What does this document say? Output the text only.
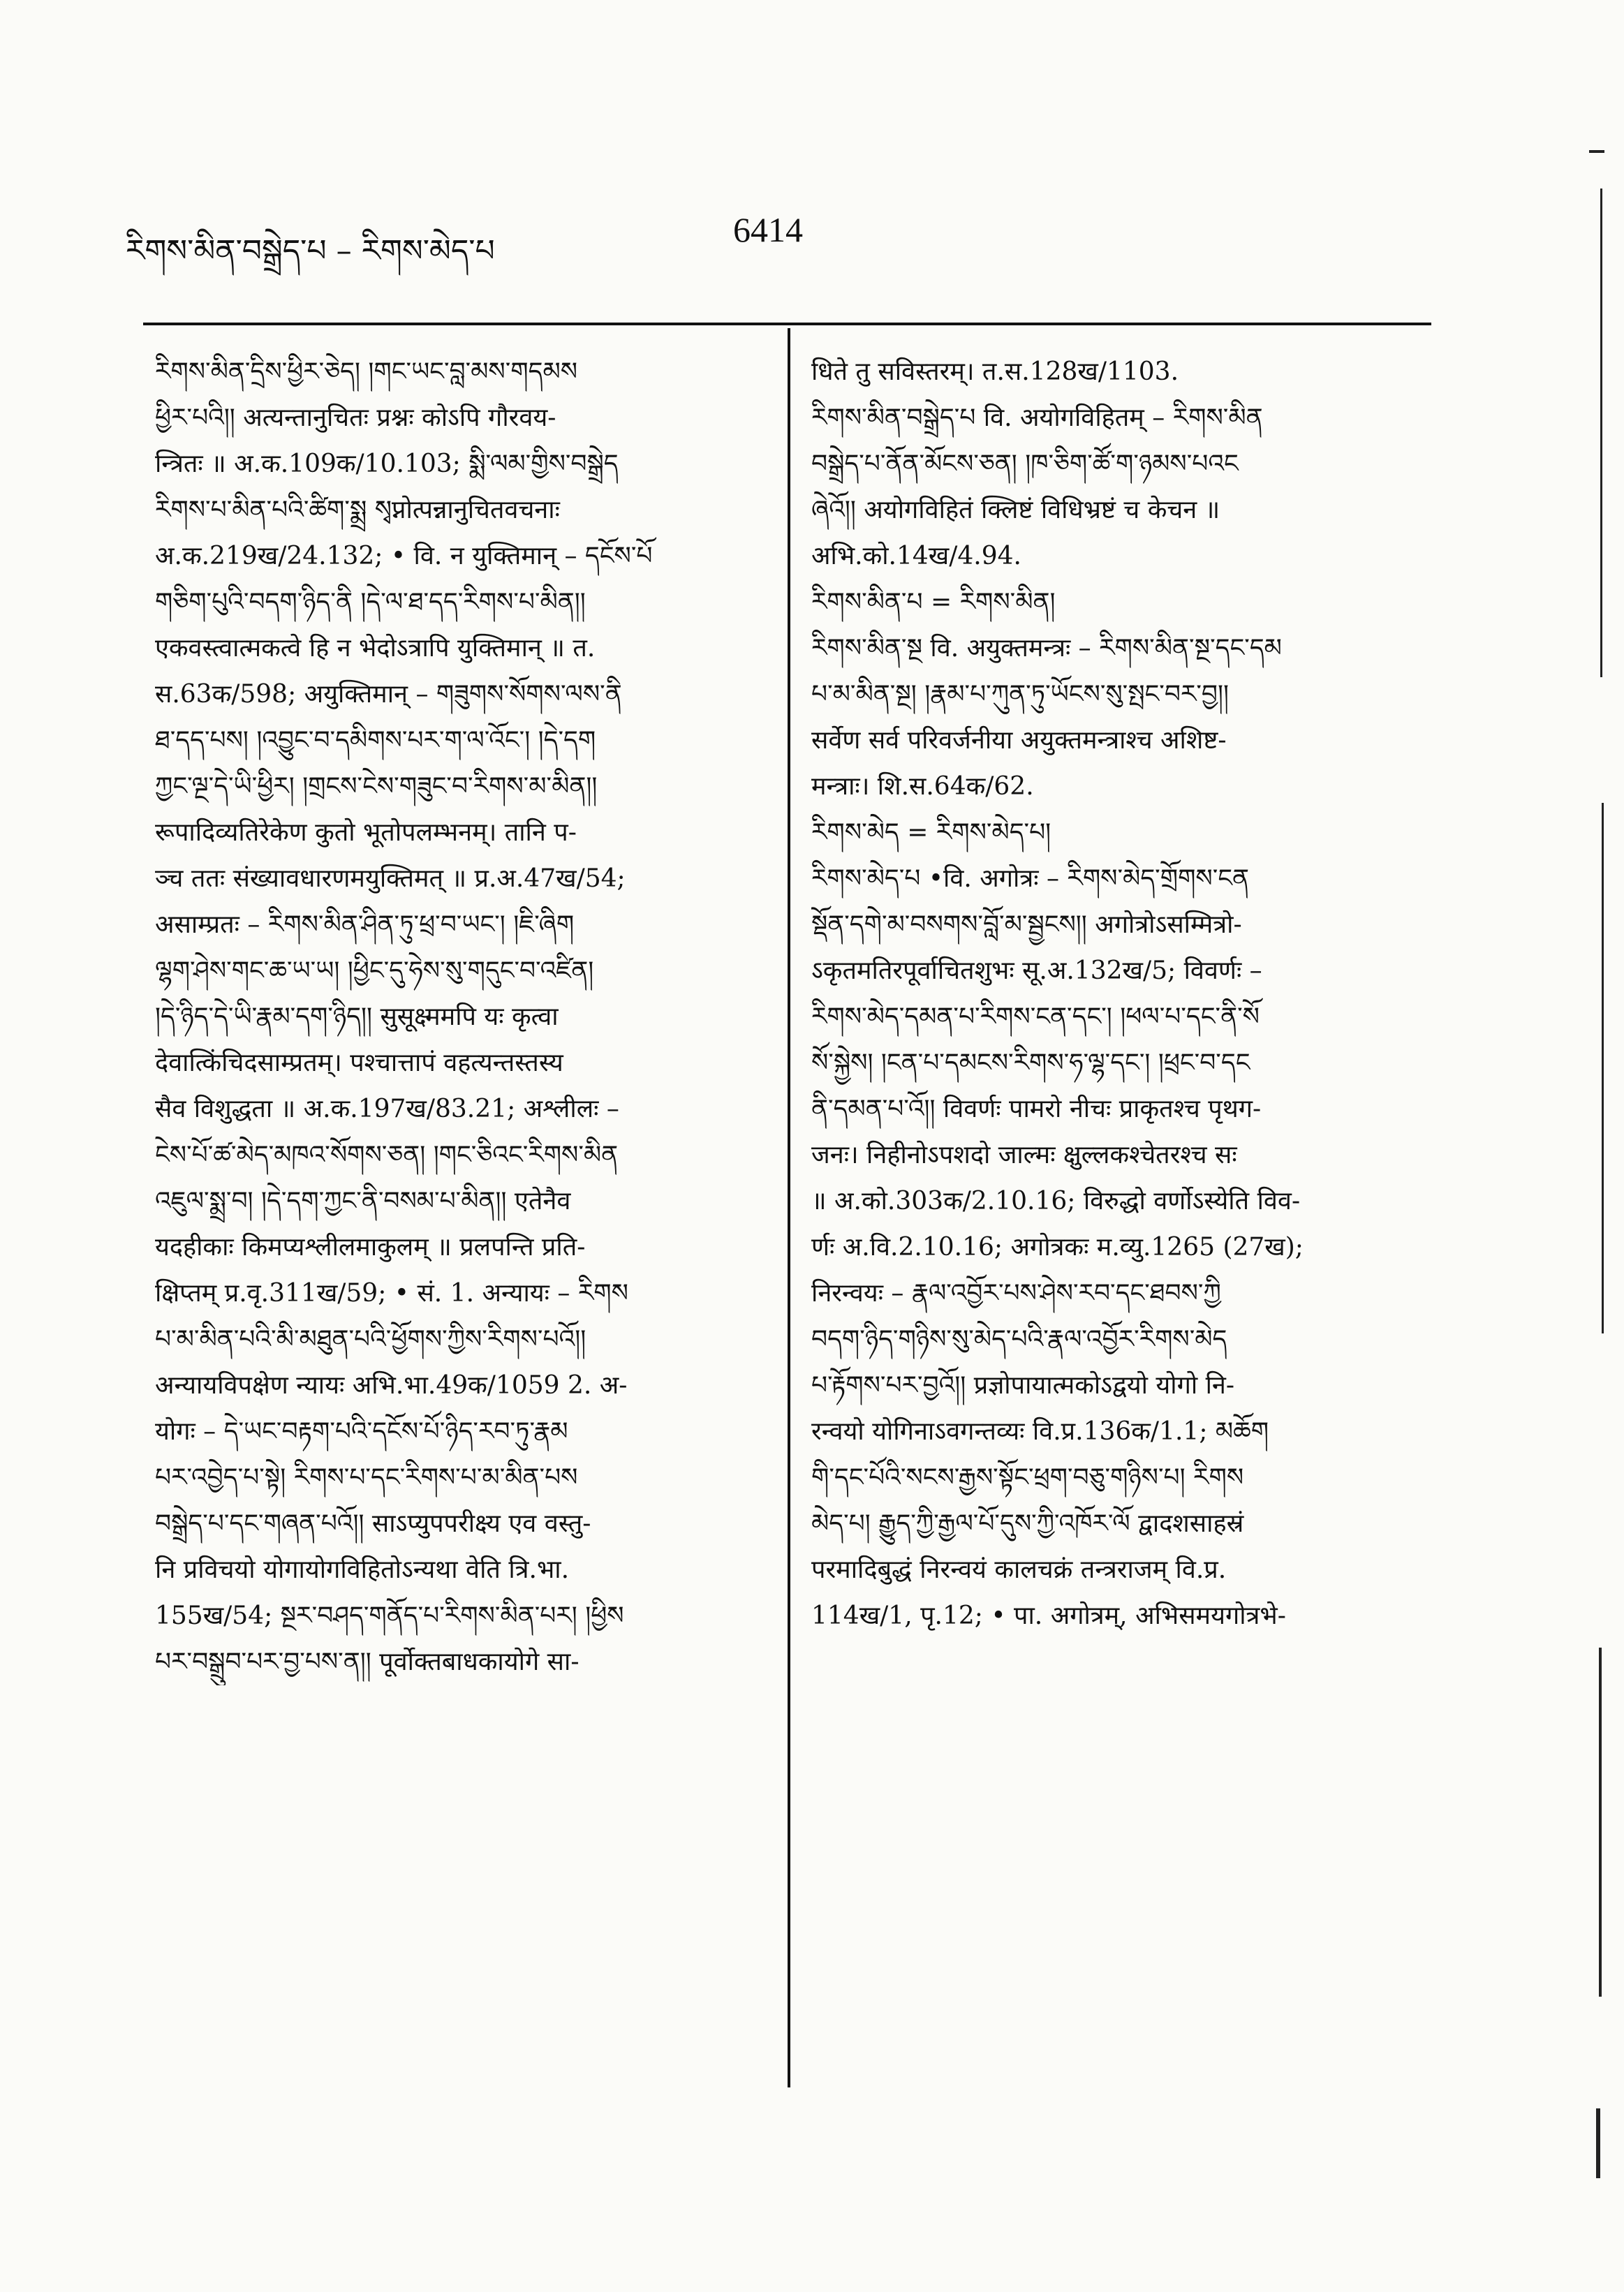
རིགས་མིན་བསྒྲེད་པ – རིགས་མེད་པ
6414
རིགས་མིན་དྲིས་ཕྱིར་ཅེད། །གང་ཡང་བླ་མས་གདམས
ཕྱིར་པའི།། अत्यन्तानुचितः प्रश्नः कोऽपि गौरवय-
न्त्रितः ॥ अ.क.109क/10.103; སྨི་ལམ་གྱིས་བསྒྲེད
རིགས་པ་མིན་པའི་ཚིག་སྨྲ སྭप्नोत्पन्नानुचितवचनाः
अ.क.219ख/24.132; • वि. न युक्तिमान् – དངོས་པོ
གཅིག་པུའི་བདག་ཉིད་ནི །དེ་ལ་ཐ་དད་རིགས་པ་མིན།།
एकवस्त्वात्मकत्वे हि न भेदोऽत्रापि युक्तिमान् ॥ त.
स.63क/598; अयुक्तिमान् – གཟུགས་སོགས་ལས་ནི
ཐ་དད་པས། །འབྱུང་བ་དམིགས་པར་ག་ལ་འོང་། །དེ་དག
ཀྱང་ལྔ་དེ་ཡི་ཕྱིར། །གྲངས་ངེས་གཟུང་བ་རིགས་མ་མིན།།
रूपादिव्यतिरेकेण कुतो भूतोपलम्भनम्। तानि प-
ञ्च ततः संख्यावधारणमयुक्तिमत् ॥ प्र.अ.47ख/54;
असाम्प्रतः – རིགས་མིན་ཤིན་ཏུ་ཕྲ་བ་ཡང་། །ཇི་ཞིག
ལྷག་ཤེས་གང་ཆ་ཡ་ཡ། །ཕྱིང་དུ་ཧེས་སུ་གདུང་བ་འཛིན།
།དེ་ཉིད་དེ་ཡི་རྣམ་དག་ཉིད།། सुसूक्ष्ममपि यः कृत्वा
देवात्किंचिदसाम्प्रतम्। पश्चात्तापं वहत्यन्तस्तस्य
सैव विशुद्धता ॥ अ.क.197ख/83.21; अश्लीलः –
ངེས་པོ་ཚ་མེད་མཁའ་སོགས་ཅན། །གང་ཅིའང་རིགས་མིན
འཇུལ་སྨྲ་བ། །དེ་དག་ཀྱང་ནི་བསམ་པ་མིན།། एतेनैव
यदहीकाः किमप्यश्लीलमाकुलम् ॥ प्रलपन्ति प्रति-
क्षिप्तम् प्र.वृ.311ख/59; • सं. 1. अन्यायः – རིགས
པ་མ་མིན་པའི་མི་མཐུན་པའི་ཕྱོགས་ཀྱིས་རིགས་པའོ།།
अन्यायविपक्षेण न्यायः अभि.भा.49क/1059 2. अ-
योगः – དེ་ཡང་བརྟག་པའི་དངོས་པོ་ཉིད་རབ་ཏུ་རྣམ
པར་འབྱེད་པ་སྟེ། རིགས་པ་དང་རིགས་པ་མ་མིན་པས
བསྒྲེད་པ་དང་གཞན་པའོ།། साऽप्युपपरीक्ष्य एव वस्तु-
नि प्रविचयो योगायोगविहितोऽन्यथा वेति त्रि.भा.
155ख/54; སྔར་བཤད་གནོད་པ་རིགས་མིན་པར། །ཕྱིས
པར་བསྒྲུབ་པར་བྱ་པས་ན།། पूर्वोक्तबाधकायोगे सा-
धिते तु सविस्तरम्। त.स.128ख/1103.
རིགས་མིན་བསྒྲེད་པ वि. अयोगविहितम् – རིགས་མིན
བསྒྲེད་པ་ནོན་མོངས་ཅན། །ཁ་ཅིག་ཚོ་ག་ཉམས་པའང
ཞེའོ།། अयोगविहितं क्लिष्टं विधिभ्रष्टं च केचन ॥
अभि.को.14ख/4.94.
རིགས་མིན་པ = རིགས་མིན།
རིགས་མིན་སྔ वि. अयुक्तमन्त्रः – རིགས་མིན་སྔ་དང་དམ
པ་མ་མིན་སྔ། །རྣམ་པ་ཀུན་ཏུ་ཡོངས་སུ་སྤང་བར་བྱ།།
सर्वेण सर्व परिवर्जनीया अयुक्तमन्त्राश्च अशिष्ट-
मन्त्राः। शि.स.64क/62.
རིགས་མེད = རིགས་མེད་པ།
རིགས་མེད་པ •वि. अगोत्रः – རིགས་མེད་གྲོགས་ངན
སྡོན་དགེ་མ་བསགས་བློ་མ་སྦྱངས།། अगोत्रोऽसम्मित्रो-
ऽकृतमतिरपूर्वाचितशुभः सू.अ.132ख/5; विवर्णः –
རིགས་མེད་དམན་པ་རིགས་ངན་དང་། །ཕལ་པ་དང་ནི་སོ
སོ་སྐྱེས། །ངན་པ་དམངས་རིགས་ཧ་ལྷ་དང་། །ཕྲང་བ་དང
ནི་དམན་པ་འོ།། विवर्णः पामरो नीचः प्राकृतश्च पृथग-
जनः। निहीनोऽपशदो जाल्मः क्षुल्लकश्चेतरश्च सः
॥ अ.को.303क/2.10.16; विरुद्धो वर्णोऽस्येति विव-
र्णः अ.वि.2.10.16; अगोत्रकः म.व्यु.1265 (27ख);
निरन्वयः – རྣལ་འབྱོར་པས་ཤེས་རབ་དང་ཐབས་ཀྱི
བདག་ཉིད་གཉིས་སུ་མེད་པའི་རྣལ་འབྱོར་རིགས་མེད
པ་རྟོགས་པར་བྱའོ།། प्रज्ञोपायात्मकोऽद्वयो योगो नि-
रन्वयो योगिनाऽवगन्तव्यः वि.प्र.136क/1.1; མཆོག
གི་དང་པོའི་སངས་རྒྱས་སྟོང་ཕྲག་བཅུ་གཉིས་པ། རིགས
མེད་པ། རྒྱུད་ཀྱི་རྒྱལ་པོ་དུས་ཀྱི་འཁོར་ལོ द्वादशसाहस्रं
परमादिबुद्धं निरन्वयं कालचक्रं तन्त्रराजम् वि.प्र.
114ख/1, पृ.12; • पा. अगोत्रम्, अभिसमयगोत्रभे-
